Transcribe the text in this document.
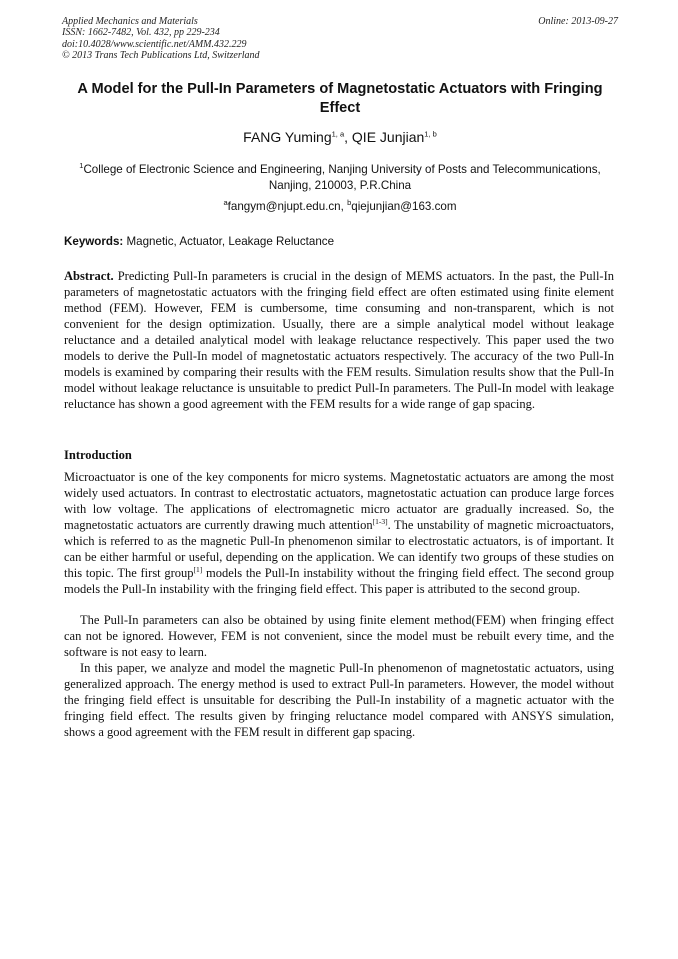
Applied Mechanics and Materials
ISSN: 1662-7482, Vol. 432, pp 229-234
doi:10.4028/www.scientific.net/AMM.432.229
© 2013 Trans Tech Publications Ltd, Switzerland
Online: 2013-09-27
A Model for the Pull-In Parameters of Magnetostatic Actuators with Fringing Effect
FANG Yuming$^{1, a}$, QIE Junjian$^{1, b}$
$^1$College of Electronic Science and Engineering, Nanjing University of Posts and Telecommunications, Nanjing, 210003, P.R.China
$^a$fangym@njupt.edu.cn, $^b$qiejunjian@163.com
Keywords: Magnetic, Actuator, Leakage Reluctance
Abstract. Predicting Pull-In parameters is crucial in the design of MEMS actuators. In the past, the Pull-In parameters of magnetostatic actuators with the fringing field effect are often estimated using finite element method (FEM). However, FEM is cumbersome, time consuming and non-transparent, which is not convenient for the design optimization. Usually, there are a simple analytical model without leakage reluctance and a detailed analytical model with leakage reluctance respectively. This paper used the two models to derive the Pull-In model of magnetostatic actuators respectively. The accuracy of the two Pull-In models is examined by comparing their results with the FEM results. Simulation results show that the Pull-In model without leakage reluctance is unsuitable to predict Pull-In parameters. The Pull-In model with leakage reluctance has shown a good agreement with the FEM results for a wide range of gap spacing.
Introduction
Microactuator is one of the key components for micro systems. Magnetostatic actuators are among the most widely used actuators. In contrast to electrostatic actuators, magnetostatic actuation can produce large forces with low voltage. The applications of electromagnetic micro actuator are gradually increased. So, the magnetostatic actuators are currently drawing much attention[1-3]. The unstability of magnetic microactuators, which is referred to as the magnetic Pull-In phenomenon similar to electrostatic actuators, is of important. It can be either harmful or useful, depending on the application. We can identify two groups of these studies on this topic. The first group[1] models the Pull-In instability without the fringing field effect. The second group models the Pull-In instability with the fringing field effect. This paper is attributed to the second group.
The Pull-In parameters can also be obtained by using finite element method(FEM) when fringing effect can not be ignored. However, FEM is not convenient, since the model must be rebuilt every time, and the software is not easy to learn.
In this paper, we analyze and model the magnetic Pull-In phenomenon of magnetostatic actuators, using generalized approach. The energy method is used to extract Pull-In parameters. However, the model without the fringing field effect is unsuitable for describing the Pull-In instability of a magnetic actuator with the fringing field effect. The results given by fringing reluctance model compared with ANSYS simulation, shows a good agreement with the FEM result in different gap spacing.
